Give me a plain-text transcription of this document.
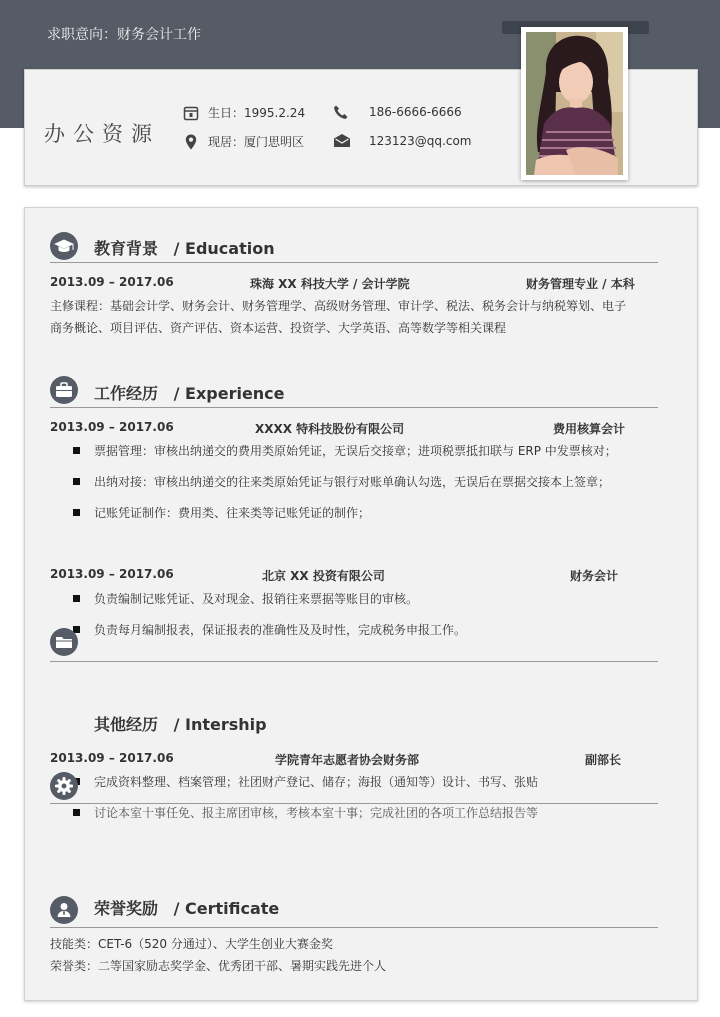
求职意向：财务会计工作
办公资源
生日：1995.2.24	186-6666-6666
现居：厦门思明区	123123@qq.com
教育背景 / Education
2013.09 – 2017.06	珠海 XX 科技大学 / 会计学院	财务管理专业 / 本科
主修课程：基础会计学、财务会计、财务管理学、高级财务管理、审计学、税法、税务会计与纳税筹划、电子
商务概论、项目评估、资产评估、资本运营、投资学、大学英语、高等数学等相关课程
工作经历 / Experience
2013.09 – 2017.06	XXXX 特科技股份有限公司	费用核算会计
票据管理：审核出纳递交的费用类原始凭证，无误后交接章；进项税票抵扣联与 ERP 中发票核对；
出纳对接：审核出纳递交的往来类原始凭证与银行对账单确认勾选，无误后在票据交接本上签章；
记账凭证制作：费用类、往来类等记账凭证的制作；
2013.09 – 2017.06	北京 XX 投资有限公司	财务会计
负责编制记账凭证、及对现金、报销往来票据等账目的审核。
负责每月编制报表，保证报表的准确性及及时性，完成税务申报工作。
其他经历 / Intership
2013.09 – 2017.06	学院青年志愿者协会财务部	副部长
完成资料整理、档案管理；社团财产登记、储存；海报（通知等）设计、书写、张贴
讨论本室十事任免、报主席团审核，考核本室十事；完成社团的各项工作总结报告等
荣誉奖励 / Certificate
技能类：CET-6（520 分通过）、大学生创业大赛金奖
荣誉类：二等国家励志奖学金、优秀团干部、暑期实践先进个人
